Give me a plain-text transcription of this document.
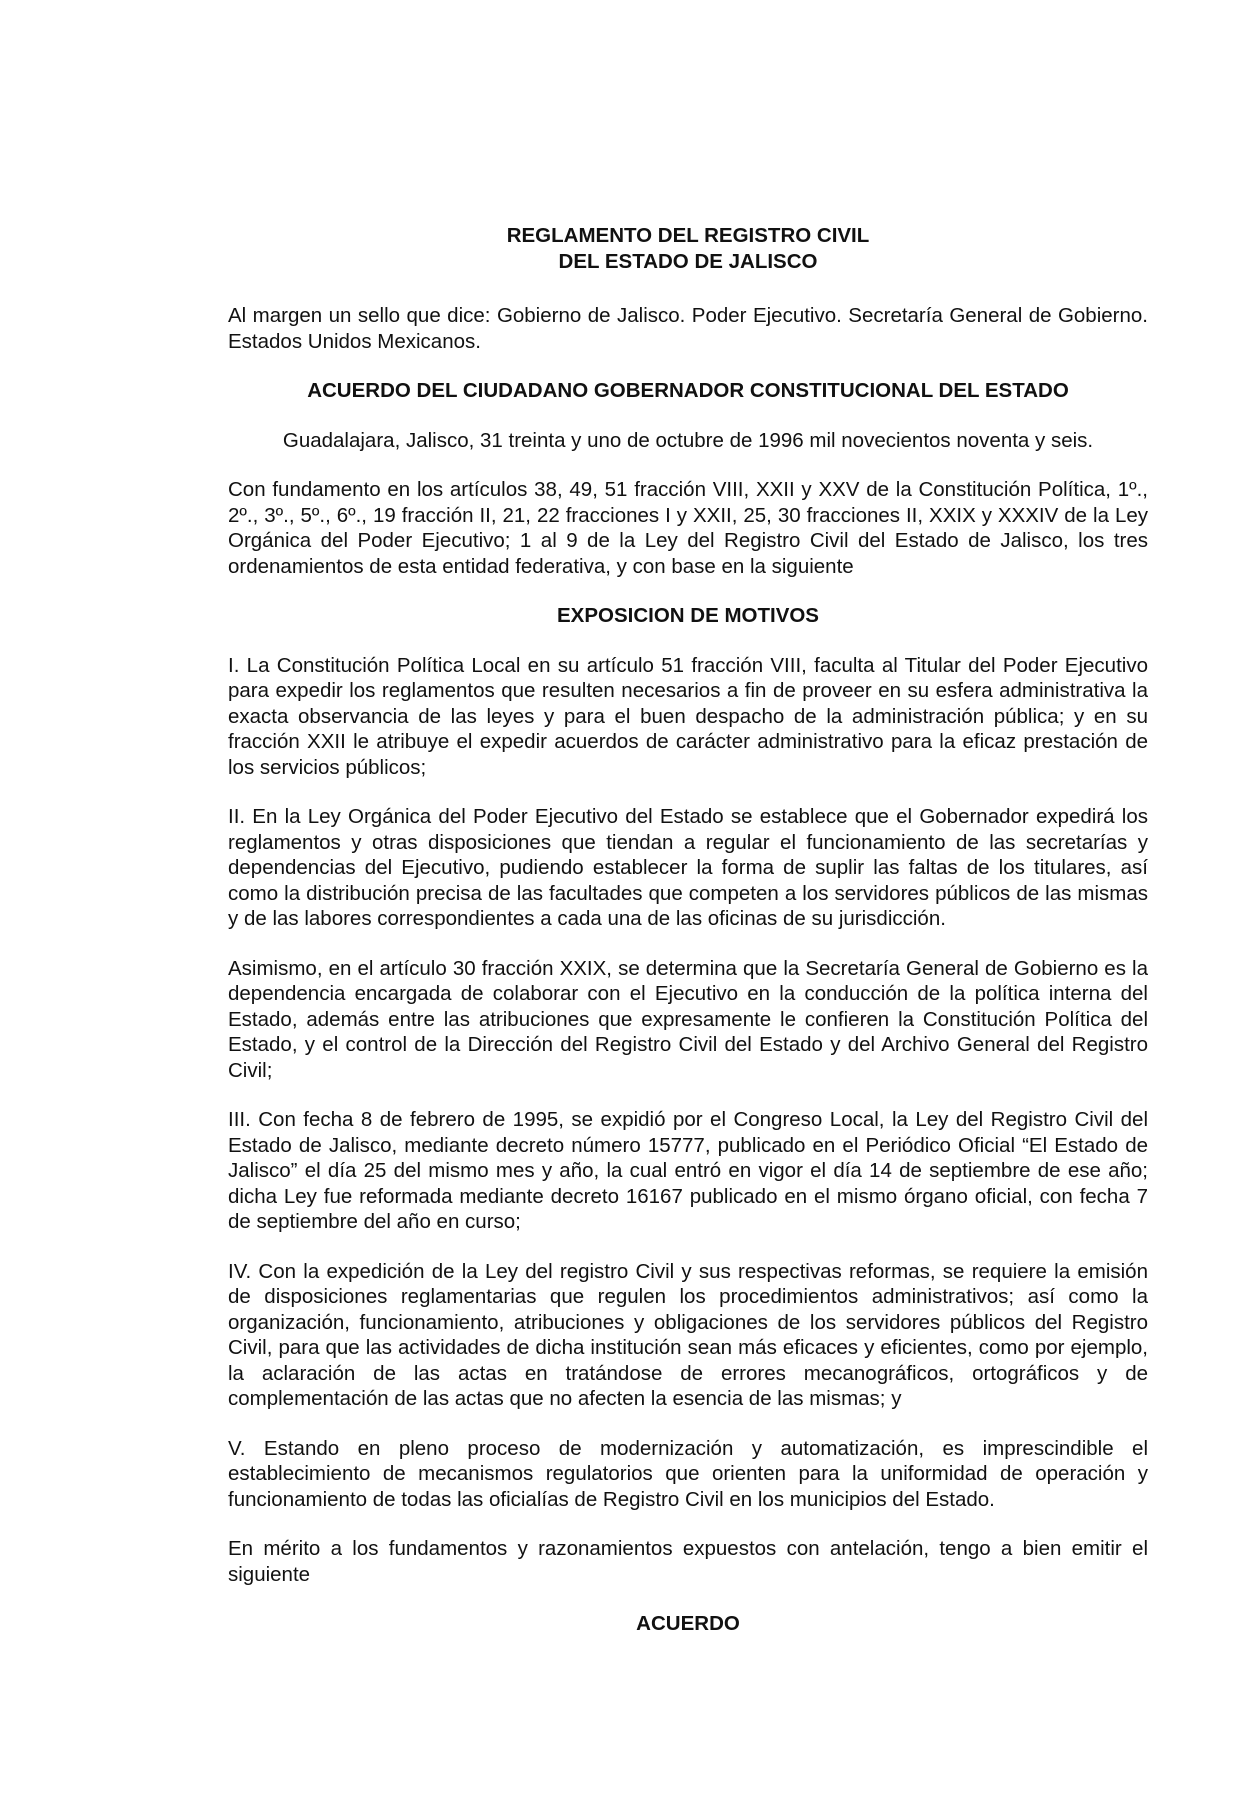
REGLAMENTO DEL REGISTRO CIVIL
DEL ESTADO DE JALISCO

Al margen un sello que dice: Gobierno de Jalisco. Poder Ejecutivo. Secretaría General de Gobierno. Estados Unidos Mexicanos.

ACUERDO DEL CIUDADANO GOBERNADOR CONSTITUCIONAL DEL ESTADO

Guadalajara, Jalisco, 31 treinta y uno de octubre de 1996 mil novecientos noventa y seis.

Con fundamento en los artículos 38, 49, 51 fracción VIII, XXII y XXV de la Constitución Política, 1º., 2º., 3º., 5º., 6º., 19 fracción II, 21, 22 fracciones I y XXII, 25, 30 fracciones II, XXIX y XXXIV de la Ley Orgánica del Poder Ejecutivo; 1 al 9 de la Ley del Registro Civil del Estado de Jalisco, los tres ordenamientos de esta entidad federativa, y con base en la siguiente

EXPOSICION DE MOTIVOS

I. La Constitución Política Local en su artículo 51 fracción VIII, faculta al Titular del Poder Ejecutivo para expedir los reglamentos que resulten necesarios a fin de proveer en su esfera administrativa la exacta observancia de las leyes y para el buen despacho de la administración pública; y en su fracción XXII le atribuye el expedir acuerdos de carácter administrativo para la eficaz prestación de los servicios públicos;

II. En la Ley Orgánica del Poder Ejecutivo del Estado se establece que el Gobernador expedirá los reglamentos y otras disposiciones que tiendan a regular el funcionamiento de las secretarías y dependencias del Ejecutivo, pudiendo establecer la forma de suplir las faltas de los titulares, así como la distribución precisa de las facultades que competen a los servidores públicos de las mismas y de las labores correspondientes a cada una de las oficinas de su jurisdicción.

Asimismo, en el artículo 30 fracción XXIX, se determina que la Secretaría General de Gobierno es la dependencia encargada de colaborar con el Ejecutivo en la conducción de la política interna del Estado, además entre las atribuciones que expresamente le confieren la Constitución Política del Estado, y el control de la Dirección del Registro Civil del Estado y del Archivo General del Registro Civil;

III. Con fecha 8 de febrero de 1995, se expidió por el Congreso Local, la Ley del Registro Civil del Estado de Jalisco, mediante decreto número 15777, publicado en el Periódico Oficial “El Estado de Jalisco” el día 25 del mismo mes y año, la cual entró en vigor el día 14 de septiembre de ese año; dicha Ley fue reformada mediante decreto 16167 publicado en el mismo órgano oficial, con fecha 7 de septiembre del año en curso;

IV. Con la expedición de la Ley del registro Civil y sus respectivas reformas, se requiere la emisión de disposiciones reglamentarias que regulen los procedimientos administrativos; así como la organización, funcionamiento, atribuciones y obligaciones de los servidores públicos del Registro Civil, para que las actividades de dicha institución sean más eficaces y eficientes, como por ejemplo, la aclaración de las actas en tratándose de errores mecanográficos, ortográficos y de complementación de las actas que no afecten la esencia de las mismas; y

V. Estando en pleno proceso de modernización y automatización, es imprescindible el establecimiento de mecanismos regulatorios que orienten para la uniformidad de operación y funcionamiento de todas las oficialías de Registro Civil en los municipios del Estado.

En mérito a los fundamentos y razonamientos expuestos con antelación, tengo a bien emitir el siguiente

ACUERDO
